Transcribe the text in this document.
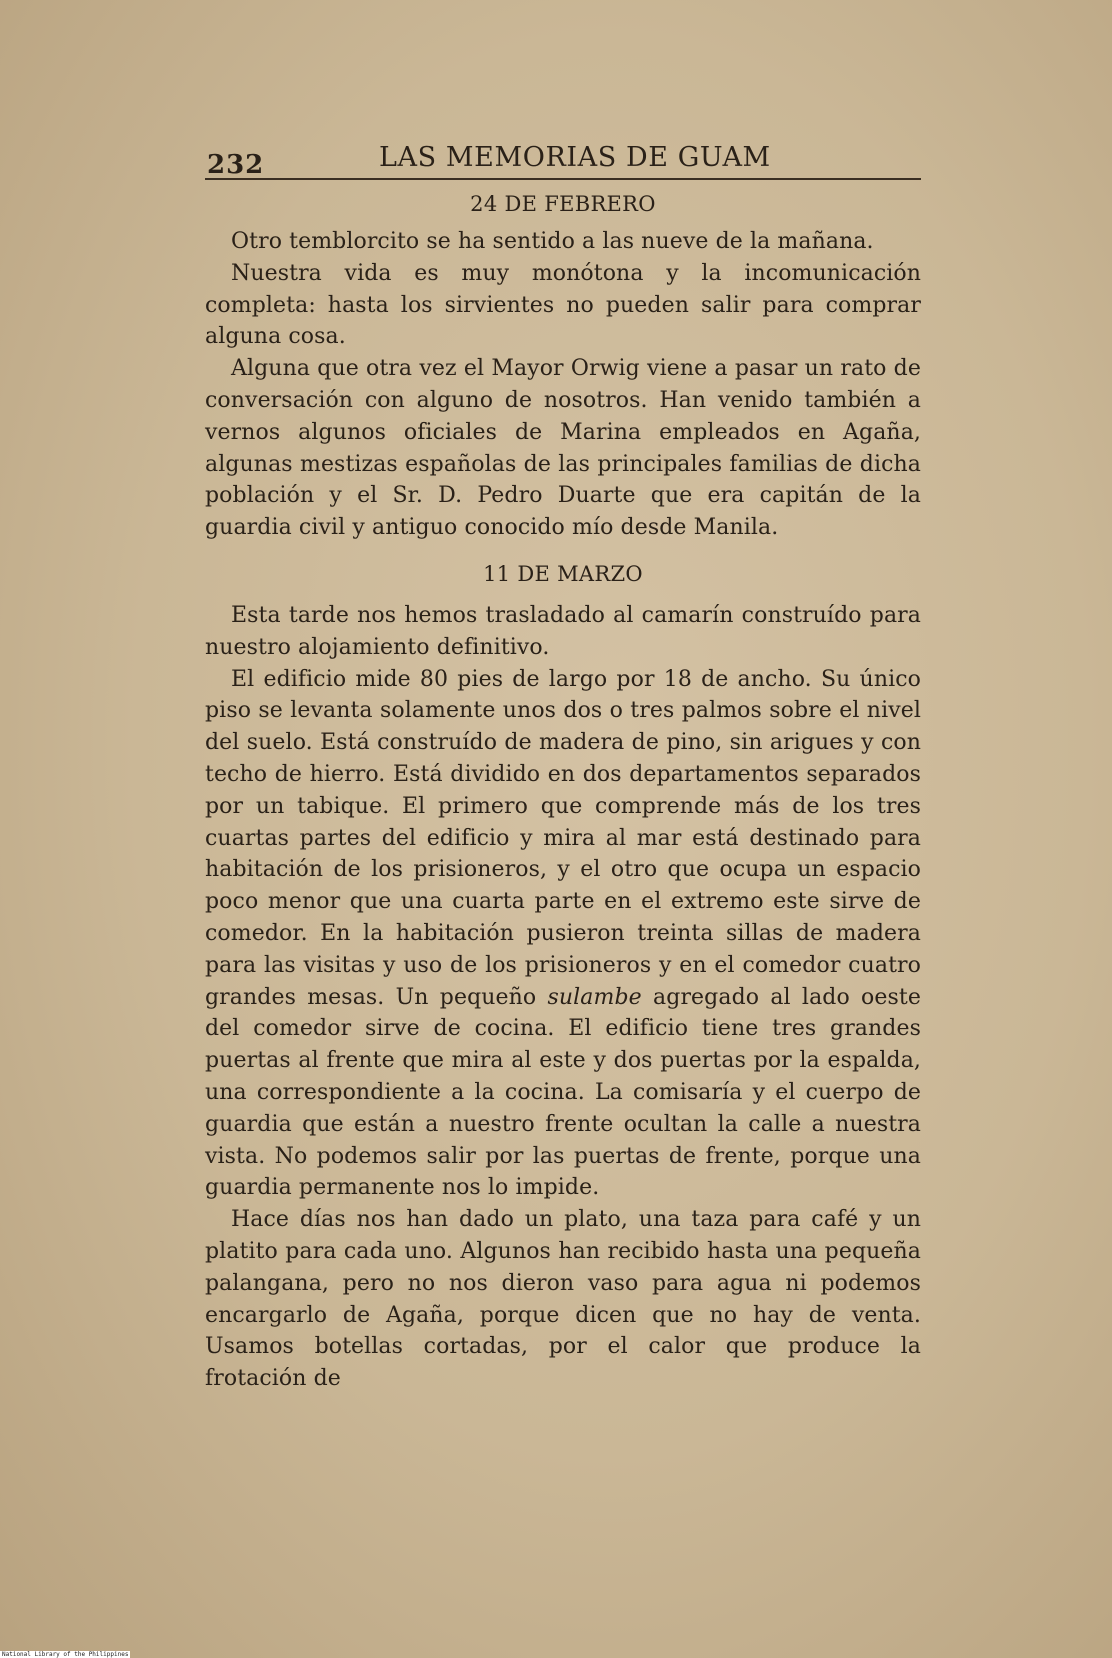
232	LAS MEMORIAS DE GUAM
24 DE FEBRERO

Otro temblorcito se ha sentido a las nueve de la mañana.

Nuestra vida es muy monótona y la incomunicación completa: hasta los sirvientes no pueden salir para comprar alguna cosa.

Alguna que otra vez el Mayor Orwig viene a pasar un rato de conversación con alguno de nosotros. Han venido también a vernos algunos oficiales de Marina empleados en Agaña, algunas mestizas españolas de las principales familias de dicha población y el Sr. D. Pedro Duarte que era capitán de la guardia civil y antiguo conocido mío desde Manila.

11 DE MARZO

Esta tarde nos hemos trasladado al camarín construído para nuestro alojamiento definitivo.

El edificio mide 80 pies de largo por 18 de ancho. Su único piso se levanta solamente unos dos o tres palmos sobre el nivel del suelo. Está construído de madera de pino, sin arigues y con techo de hierro. Está dividido en dos departamentos separados por un tabique. El primero que comprende más de los tres cuartas partes del edificio y mira al mar está destinado para habitación de los prisioneros, y el otro que ocupa un espacio poco menor que una cuarta parte en el extremo este sirve de comedor. En la habitación pusieron treinta sillas de madera para las visitas y uso de los prisioneros y en el comedor cuatro grandes mesas. Un pequeño sulambe agregado al lado oeste del comedor sirve de cocina. El edificio tiene tres grandes puertas al frente que mira al este y dos puertas por la espalda, una correspondiente a la cocina. La comisaría y el cuerpo de guardia que están a nuestro frente ocultan la calle a nuestra vista. No podemos salir por las puertas de frente, porque una guardia permanente nos lo impide.

Hace días nos han dado un plato, una taza para café y un platito para cada uno. Algunos han recibido hasta una pequeña palangana, pero no nos dieron vaso para agua ni podemos encargarlo de Agaña, porque dicen que no hay de venta. Usamos botellas cortadas, por el calor que produce la frotación de

National Library of the Philippines
